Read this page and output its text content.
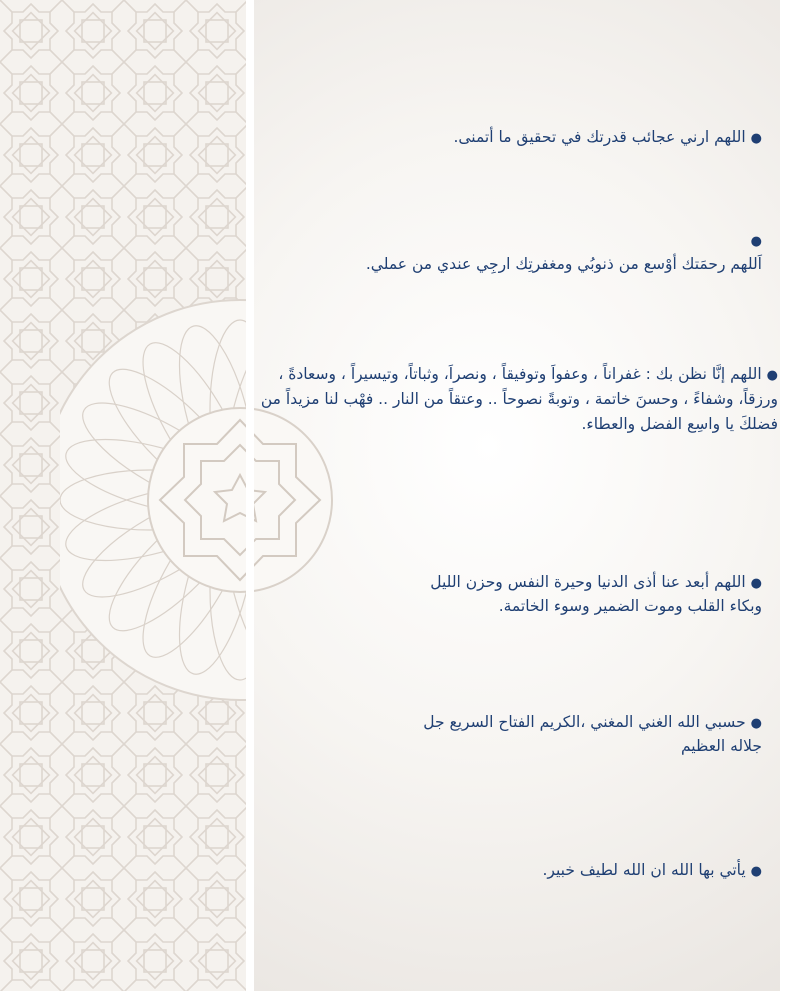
● اللهم ارني عجائب قدرتك في تحقيق ما أتمنى.
●
اَللهم رحمَتك أوْسع من ذنوبُي ومغفرتِك ارجِي عندي من عملي.
● اللهم إنَّا نظن بك : غفراناً ، وعفواَ وتوفيقاً ، ونصراَ، وثباتاً، وتيسيراً ، وسعادةً ، ورزقاً، وشفاءً ، وحسنَ خاتمة ، وتوبةً نصوحاً .. وعتقاً من النار .. فهْب لنا مزيداً من فضلكَ يا واسِع الفضل والعطاء.
● اللهم أبعد عنا أذى الدنيا وحيرة النفس وحزن الليل وبكاء القلب وموت الضمير وسوء الخاتمة.
● حسبي الله الغني المغني ،الكريم الفتاح السريع جل جلاله العظيم
● يأتي بها الله ان الله لطيف خبير.
